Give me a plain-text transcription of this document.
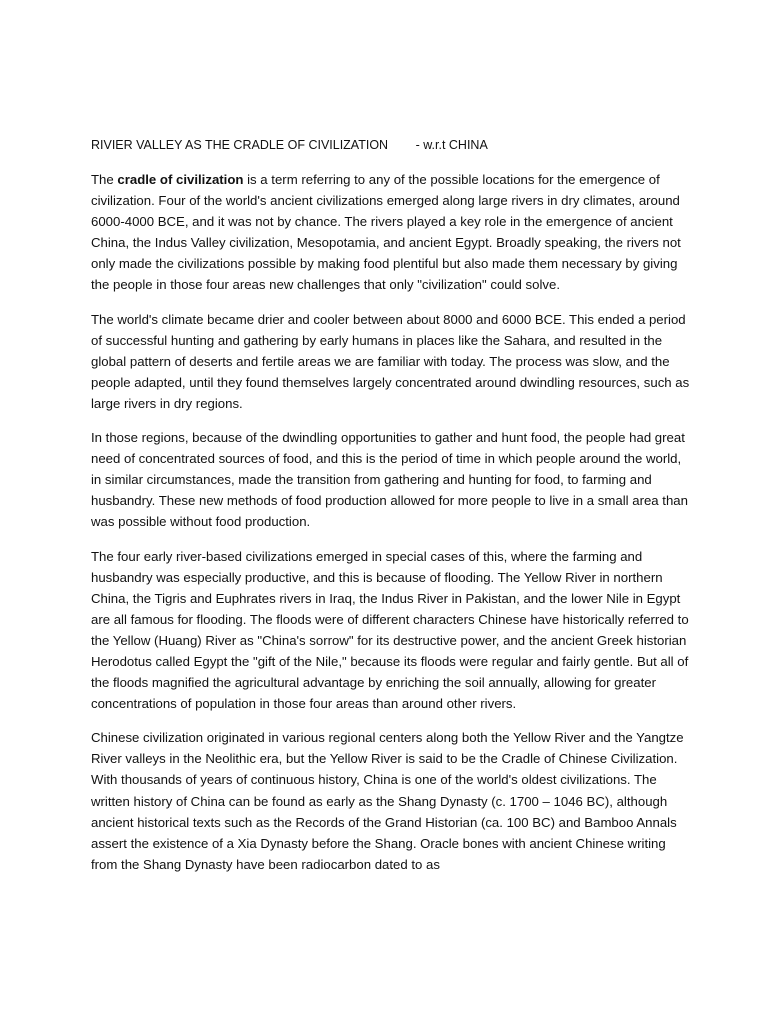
RIVIER VALLEY AS THE CRADLE OF CIVILIZATION - w.r.t CHINA

The cradle of civilization is a term referring to any of the possible locations for the emergence of civilization. Four of the world's ancient civilizations emerged along large rivers in dry climates, around 6000-4000 BCE, and it was not by chance. The rivers played a key role in the emergence of ancient China, the Indus Valley civilization, Mesopotamia, and ancient Egypt. Broadly speaking, the rivers not only made the civilizations possible by making food plentiful but also made them necessary by giving the people in those four areas new challenges that only "civilization" could solve.

The world's climate became drier and cooler between about 8000 and 6000 BCE. This ended a period of successful hunting and gathering by early humans in places like the Sahara, and resulted in the global pattern of deserts and fertile areas we are familiar with today. The process was slow, and the people adapted, until they found themselves largely concentrated around dwindling resources, such as large rivers in dry regions.

In those regions, because of the dwindling opportunities to gather and hunt food, the people had great need of concentrated sources of food, and this is the period of time in which people around the world, in similar circumstances, made the transition from gathering and hunting for food, to farming and husbandry. These new methods of food production allowed for more people to live in a small area than was possible without food production.

The four early river-based civilizations emerged in special cases of this, where the farming and husbandry was especially productive, and this is because of flooding. The Yellow River in northern China, the Tigris and Euphrates rivers in Iraq, the Indus River in Pakistan, and the lower Nile in Egypt are all famous for flooding. The floods were of different characters Chinese have historically referred to the Yellow (Huang) River as "China's sorrow" for its destructive power, and the ancient Greek historian Herodotus called Egypt the "gift of the Nile," because its floods were regular and fairly gentle. But all of the floods magnified the agricultural advantage by enriching the soil annually, allowing for greater concentrations of population in those four areas than around other rivers.

Chinese civilization originated in various regional centers along both the Yellow River and the Yangtze River valleys in the Neolithic era, but the Yellow River is said to be the Cradle of Chinese Civilization. With thousands of years of continuous history, China is one of the world's oldest civilizations. The written history of China can be found as early as the Shang Dynasty (c. 1700 – 1046 BC), although ancient historical texts such as the Records of the Grand Historian (ca. 100 BC) and Bamboo Annals assert the existence of a Xia Dynasty before the Shang. Oracle bones with ancient Chinese writing from the Shang Dynasty have been radiocarbon dated to as
